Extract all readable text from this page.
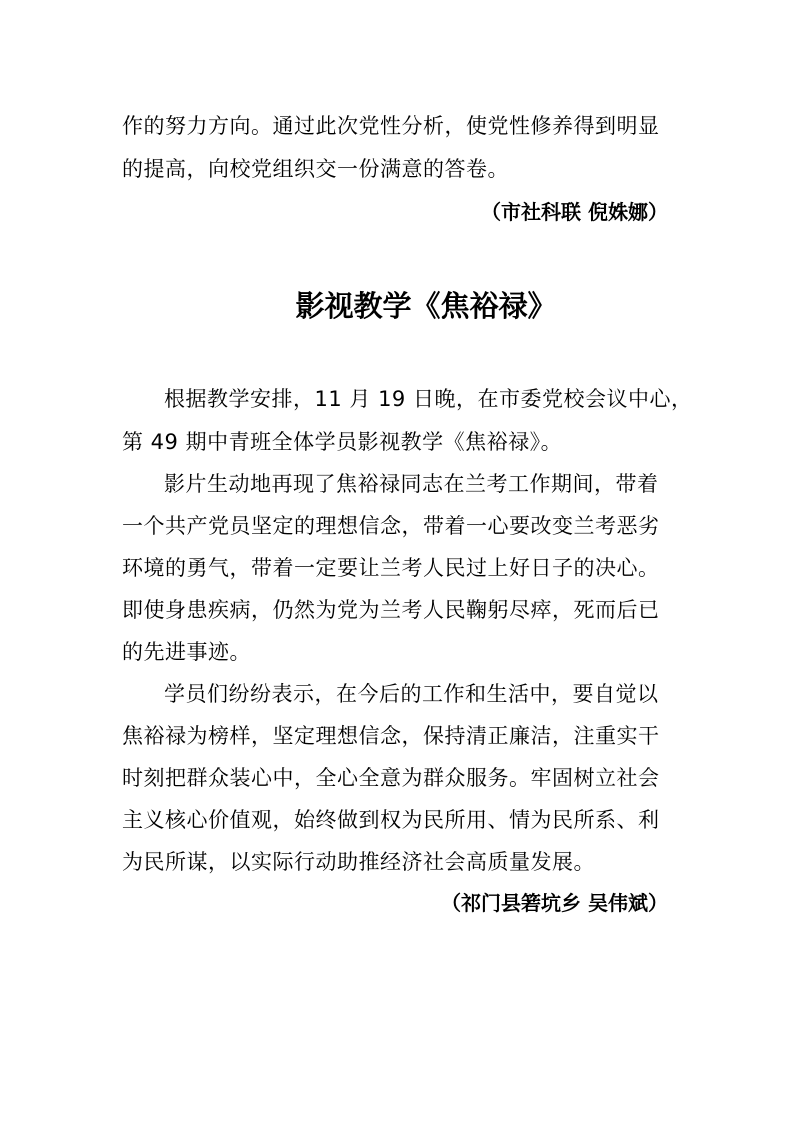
作的努力方向。通过此次党性分析，使党性修养得到明显
的提高，向校党组织交一份满意的答卷。
（市社科联 倪姝娜）
影视教学《焦裕禄》
根据教学安排，11 月 19 日晚，在市委党校会议中心，
第 49 期中青班全体学员影视教学《焦裕禄》。
影片生动地再现了焦裕禄同志在兰考工作期间，带着
一个共产党员坚定的理想信念，带着一心要改变兰考恶劣
环境的勇气，带着一定要让兰考人民过上好日子的决心。
即使身患疾病，仍然为党为兰考人民鞠躬尽瘁，死而后已
的先进事迹。
学员们纷纷表示，在今后的工作和生活中，要自觉以
焦裕禄为榜样，坚定理想信念，保持清正廉洁，注重实干
时刻把群众装心中，全心全意为群众服务。牢固树立社会
主义核心价值观，始终做到权为民所用、情为民所系、利
为民所谋，以实际行动助推经济社会高质量发展。
（祁门县箬坑乡 吴伟斌）
